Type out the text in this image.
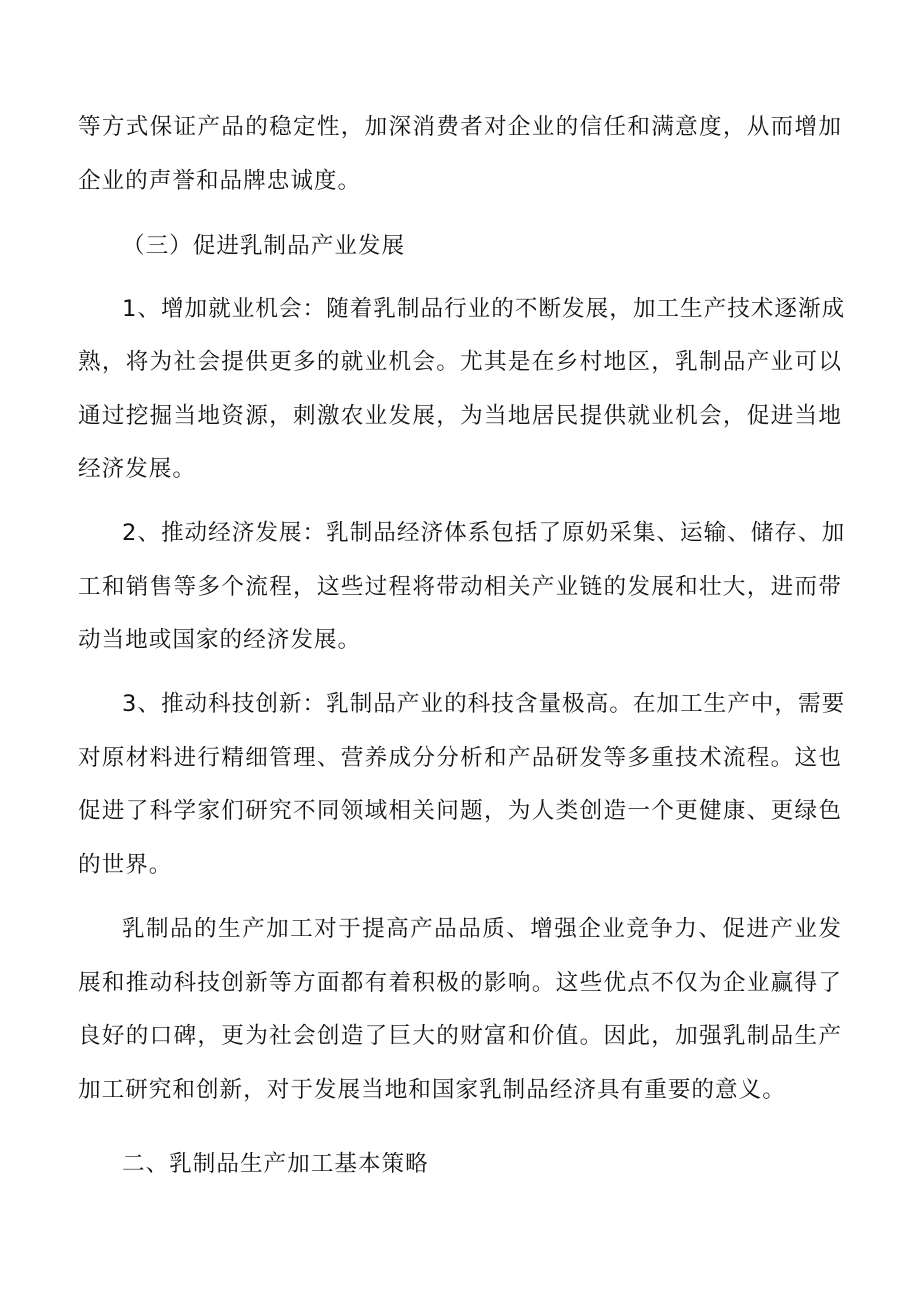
等方式保证产品的稳定性，加深消费者对企业的信任和满意度，从而增加
企业的声誉和品牌忠诚度。
（三）促进乳制品产业发展
1、增加就业机会：随着乳制品行业的不断发展，加工生产技术逐渐成
熟，将为社会提供更多的就业机会。尤其是在乡村地区，乳制品产业可以
通过挖掘当地资源，刺激农业发展，为当地居民提供就业机会，促进当地
经济发展。
2、推动经济发展：乳制品经济体系包括了原奶采集、运输、储存、加
工和销售等多个流程，这些过程将带动相关产业链的发展和壮大，进而带
动当地或国家的经济发展。
3、推动科技创新：乳制品产业的科技含量极高。在加工生产中，需要
对原材料进行精细管理、营养成分分析和产品研发等多重技术流程。这也
促进了科学家们研究不同领域相关问题，为人类创造一个更健康、更绿色
的世界。
乳制品的生产加工对于提高产品品质、增强企业竞争力、促进产业发
展和推动科技创新等方面都有着积极的影响。这些优点不仅为企业赢得了
良好的口碑，更为社会创造了巨大的财富和价值。因此，加强乳制品生产
加工研究和创新，对于发展当地和国家乳制品经济具有重要的意义。
二、乳制品生产加工基本策略
